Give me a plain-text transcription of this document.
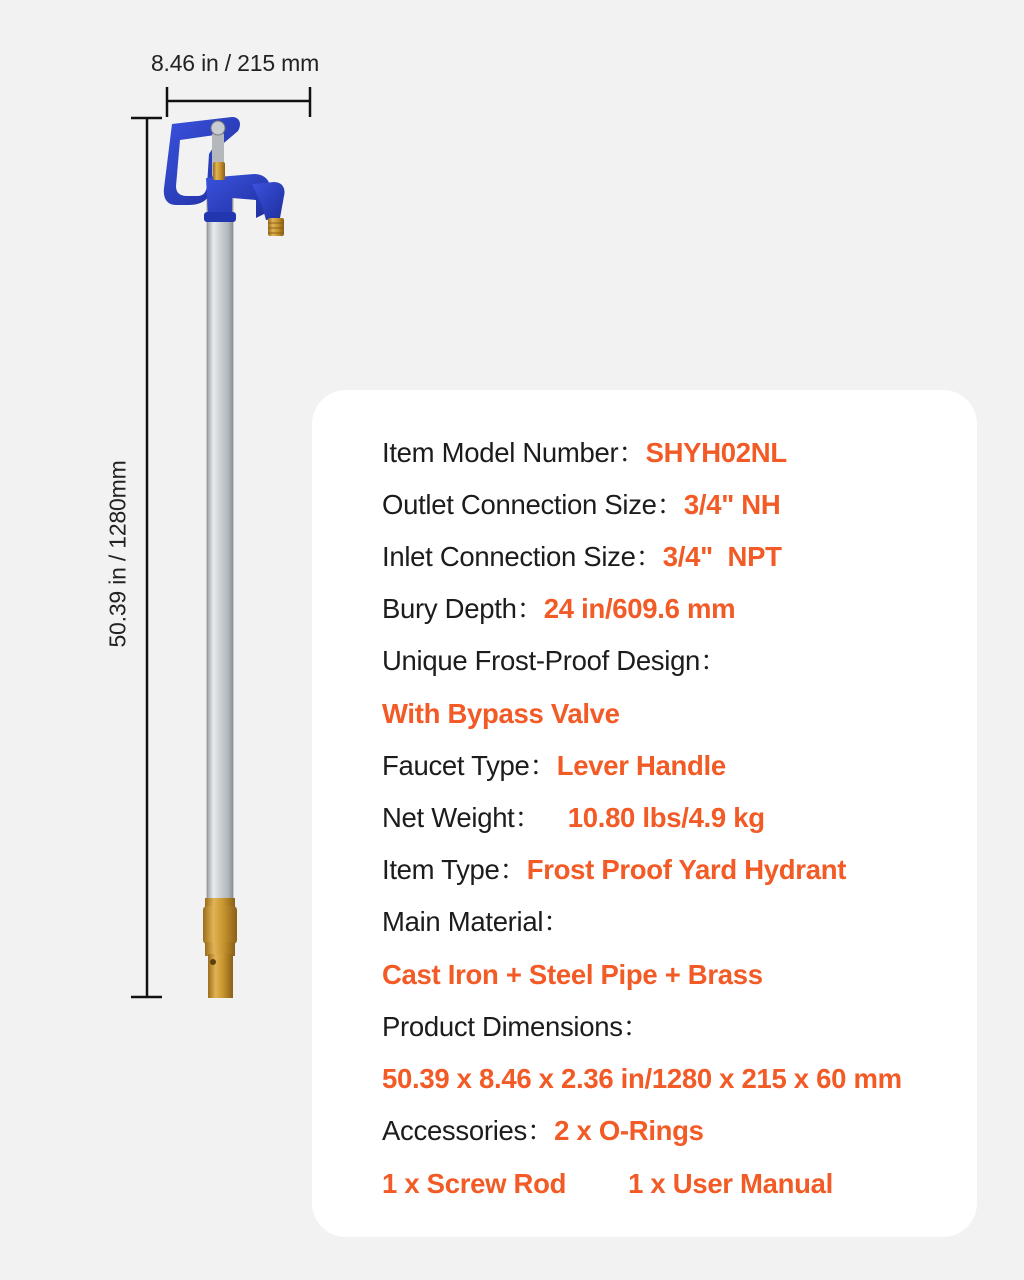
8.46 in / 215 mm
50.39 in / 1280mm
Item Model Number：SHYH02NL
Outlet Connection Size：3/4" NH
Inlet Connection Size：3/4"  NPT
Bury Depth：24 in/609.6 mm
Unique Frost-Proof Design：
With Bypass Valve
Faucet Type：Lever Handle
Net Weight： 10.80 lbs/4.9 kg
Item Type：Frost Proof Yard Hydrant
Main Material：
Cast Iron + Steel Pipe + Brass
Product Dimensions：
50.39 x 8.46 x 2.36 in/1280 x 215 x 60 mm
Accessories：2 x O-Rings
1 x Screw Rod 1 x User Manual
